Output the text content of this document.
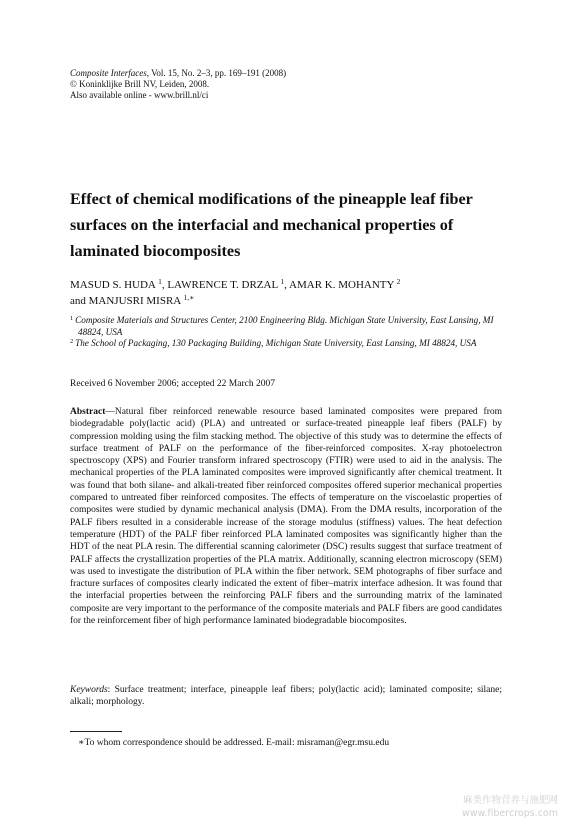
Composite Interfaces, Vol. 15, No. 2–3, pp. 169–191 (2008)
© Koninklijke Brill NV, Leiden, 2008.
Also available online - www.brill.nl/ci
Effect of chemical modifications of the pineapple leaf fiber surfaces on the interfacial and mechanical properties of laminated biocomposites
MASUD S. HUDA  $^1$, LAWRENCE T. DRZAL  $^1$, AMAR K. MOHANTY  $^2$
and MANJUSRI MISRA  $^{1,∗}$

$^1$  Composite Materials and Structures Center, 2100 Engineering Bldg. Michigan State University, East Lansing, MI 48824, USA

$^2$  The School of Packaging, 130 Packaging Building, Michigan State University, East Lansing, MI 48824, USA

Received 6 November 2006; accepted 22 March 2007

Abstract—Natural fiber reinforced renewable resource based laminated composites were prepared from biodegradable poly(lactic acid) (PLA) and untreated or surface-treated pineapple leaf fibers (PALF) by compression molding using the film stacking method. The objective of this study was to determine the effects of surface treatment of PALF on the performance of the fiber-reinforced composites. X-ray photoelectron spectroscopy (XPS) and Fourier transform infrared spectroscopy (FTIR) were used to aid in the analysis. The mechanical properties of the PLA laminated composites were improved significantly after chemical treatment. It was found that both silane- and alkali-treated fiber reinforced composites offered superior mechanical properties compared to untreated fiber reinforced composites. The effects of temperature on the viscoelastic properties of composites were studied by dynamic mechanical analysis (DMA). From the DMA results, incorporation of the PALF fibers resulted in a considerable increase of the storage modulus (stiffness) values. The heat defection temperature (HDT) of the PALF fiber reinforced PLA laminated composites was significantly higher than the HDT of the neat PLA resin. The differential scanning calorimeter (DSC) results suggest that surface treatment of PALF affects the crystallization properties of the PLA matrix. Additionally, scanning electron microscopy (SEM) was used to investigate the distribution of PLA within the fiber network. SEM photographs of fiber surface and fracture surfaces of composites clearly indicated the extent of fiber–matrix interface adhesion. It was found that the interfacial properties between the reinforcing PALF fibers and the surrounding matrix of the laminated composite are very important to the performance of the composite materials and PALF fibers are good candidates for the reinforcement fiber of high performance laminated biodegradable biocomposites.

Keywords: Surface treatment; interface, pineapple leaf fibers; poly(lactic acid); laminated composite; silane; alkali; morphology.

∗To whom correspondence should be addressed. E-mail: misraman@egr.msu.edu
麻类作物营养与施肥网
www.fibercrops.com
